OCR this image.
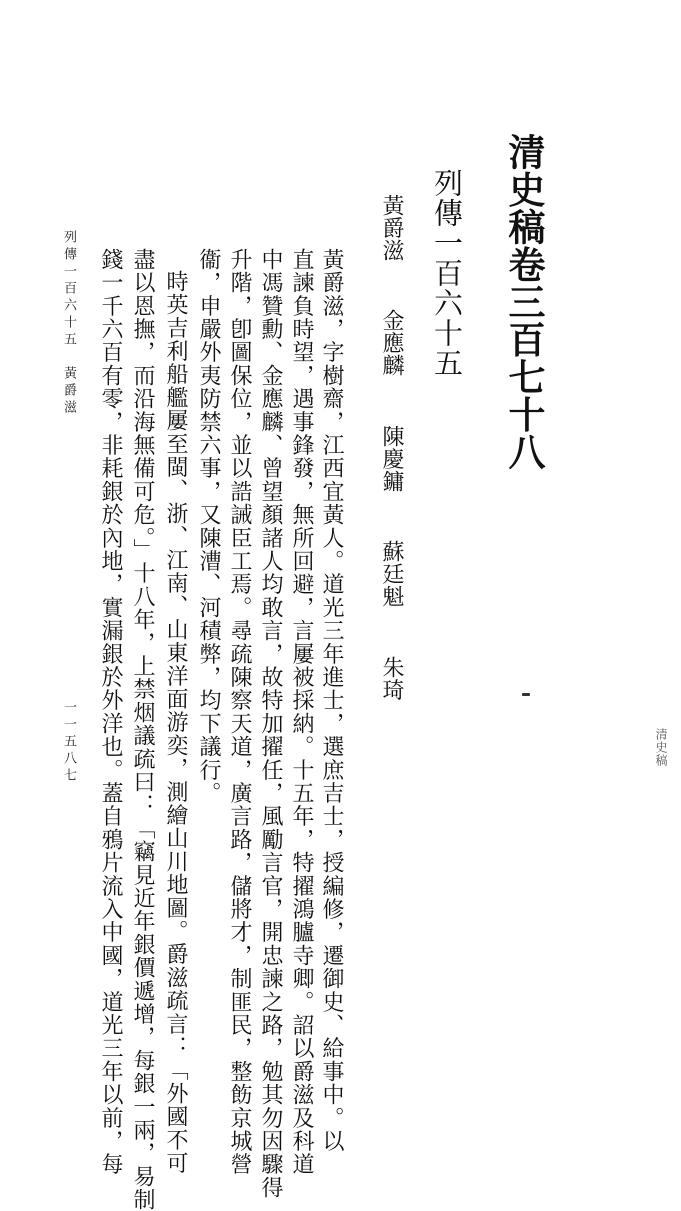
清史稿卷三百七十八
列傳一百六十五
黃爵滋 金應麟 陳慶鏞 蘇廷魁 朱琦
黃爵滋，字樹齋，江西宜黃人。道光三年進士，選庶吉士，授編修，遷御史、給事中。以
直諫負時望，遇事鋒發，無所回避，言屢被採納。十五年，特擢鴻臚寺卿。詔以爵滋及科道
中馮贊勳、金應麟、曾望顏諸人均敢言，故特加擢任，風勵言官，開忠諫之路，勉其勿因驟得
升階，卽圖保位，並以誥誡臣工焉。尋疏陳察天道，廣言路，儲將才，制匪民，整飭京城營
衞，申嚴外夷防禁六事，又陳漕、河積弊，均下議行。
時英吉利船艦屢至閩、浙、江南、山東洋面游奕，測繪山川地圖。爵滋疏言：「外國不可
盡以恩撫，而沿海無備可危。」十八年，上禁烟議疏曰：「竊見近年銀價遞增，每銀一兩，易制
錢一千六百有零，非耗銀於內地，實漏銀於外洋也。蓋自鴉片流入中國，道光三年以前，每
列傳一百六十五　黃爵滋
一一五八七	清史稿
